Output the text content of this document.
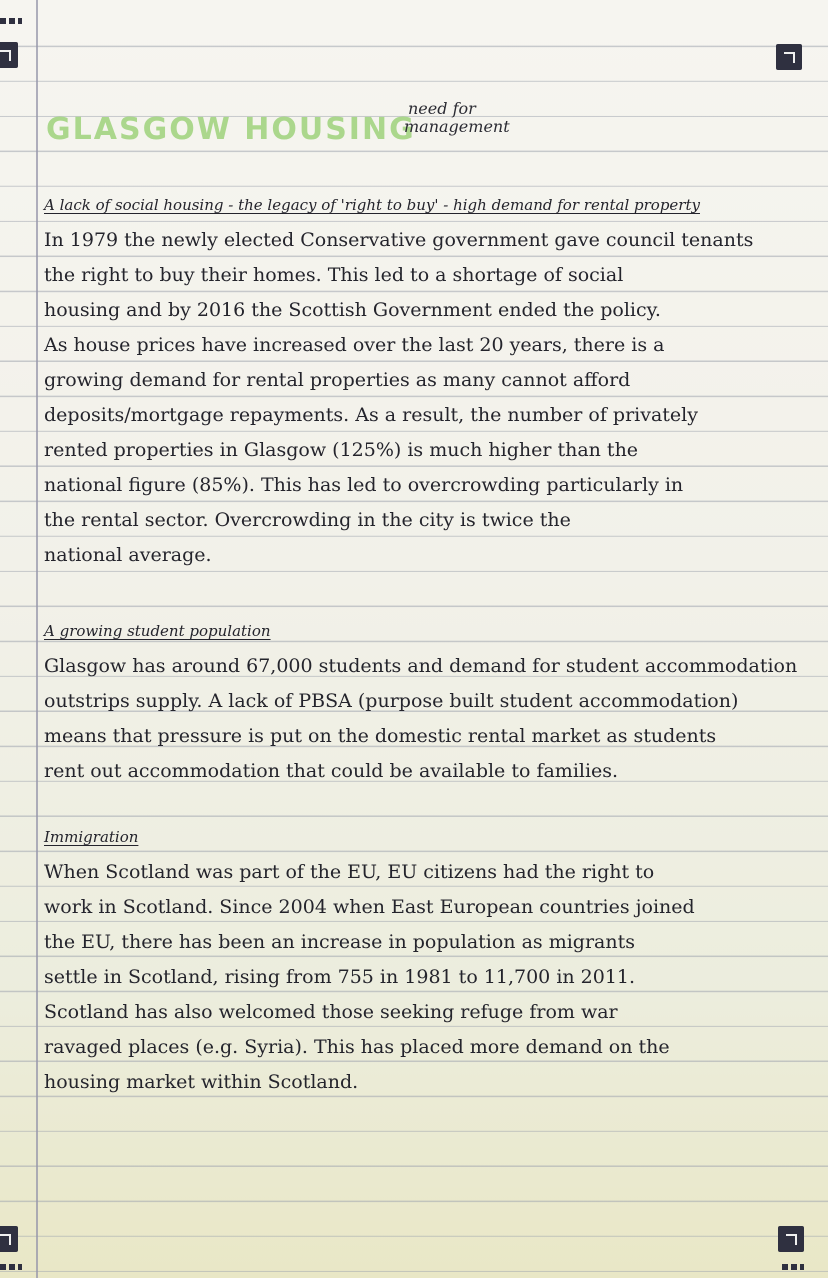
GLASGOW HOUSING
need for
management
A lack of social housing - the legacy of 'right to buy' - high demand for rental property
In 1979 the newly elected Conservative government gave council tenants
the right to buy their homes. This led to a shortage of social
housing and by 2016 the Scottish Government ended the policy.
As house prices have increased over the last 20 years, there is a
growing demand for rental properties as many cannot afford
deposits/mortgage repayments. As a result, the number of privately
rented properties in Glasgow (125%) is much higher than the
national figure (85%). This has led to overcrowding particularly in
the rental sector. Overcrowding in the city is twice the
national average.
A growing student population
Glasgow has around 67,000 students and demand for student accommodation
outstrips supply. A lack of PBSA (purpose built student accommodation)
means that pressure is put on the domestic rental market as students
rent out accommodation that could be available to families.
Immigration
When Scotland was part of the EU, EU citizens had the right to
work in Scotland. Since 2004 when East European countries joined
the EU, there has been an increase in population as migrants
settle in Scotland, rising from 755 in 1981 to 11,700 in 2011.
Scotland has also welcomed those seeking refuge from war
ravaged places (e.g. Syria). This has placed more demand on the
housing market within Scotland.
